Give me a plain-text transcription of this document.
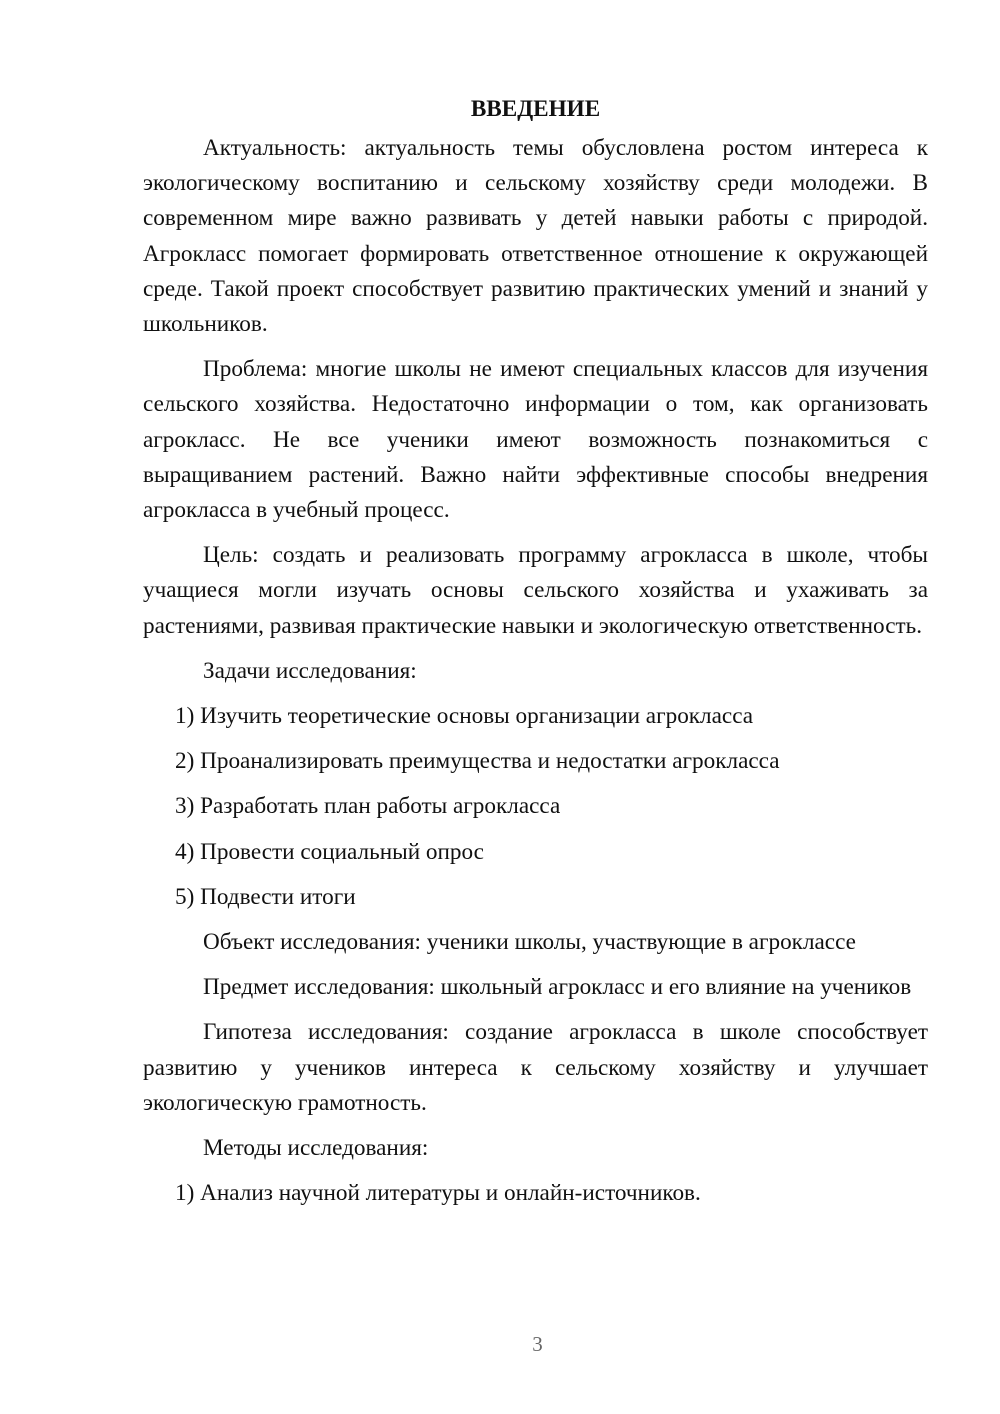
ВВЕДЕНИЕ

Актуальность: актуальность темы обусловлена ростом интереса к экологическому воспитанию и сельскому хозяйству среди молодежи. В современном мире важно развивать у детей навыки работы с природой. Агрокласс помогает формировать ответственное отношение к окружающей среде. Такой проект способствует развитию практических умений и знаний у школьников.

Проблема: многие школы не имеют специальных классов для изучения сельского хозяйства. Недостаточно информации о том, как организовать агрокласс. Не все ученики имеют возможность познакомиться с выращиванием растений. Важно найти эффективные способы внедрения агрокласса в учебный процесс.

Цель: создать и реализовать программу агрокласса в школе, чтобы учащиеся могли изучать основы сельского хозяйства и ухаживать за растениями, развивая практические навыки и экологическую ответственность.

Задачи исследования:

1) Изучить теоретические основы организации агрокласса

2) Проанализировать преимущества и недостатки агрокласса

3) Разработать план работы агрокласса

4) Провести социальный опрос

5) Подвести итоги

Объект исследования: ученики школы, участвующие в агроклассе

Предмет исследования: школьный агрокласс и его влияние на учеников

Гипотеза исследования: создание агрокласса в школе способствует развитию у учеников интереса к сельскому хозяйству и улучшает экологическую грамотность.

Методы исследования:

1) Анализ научной литературы и онлайн-источников.

3
